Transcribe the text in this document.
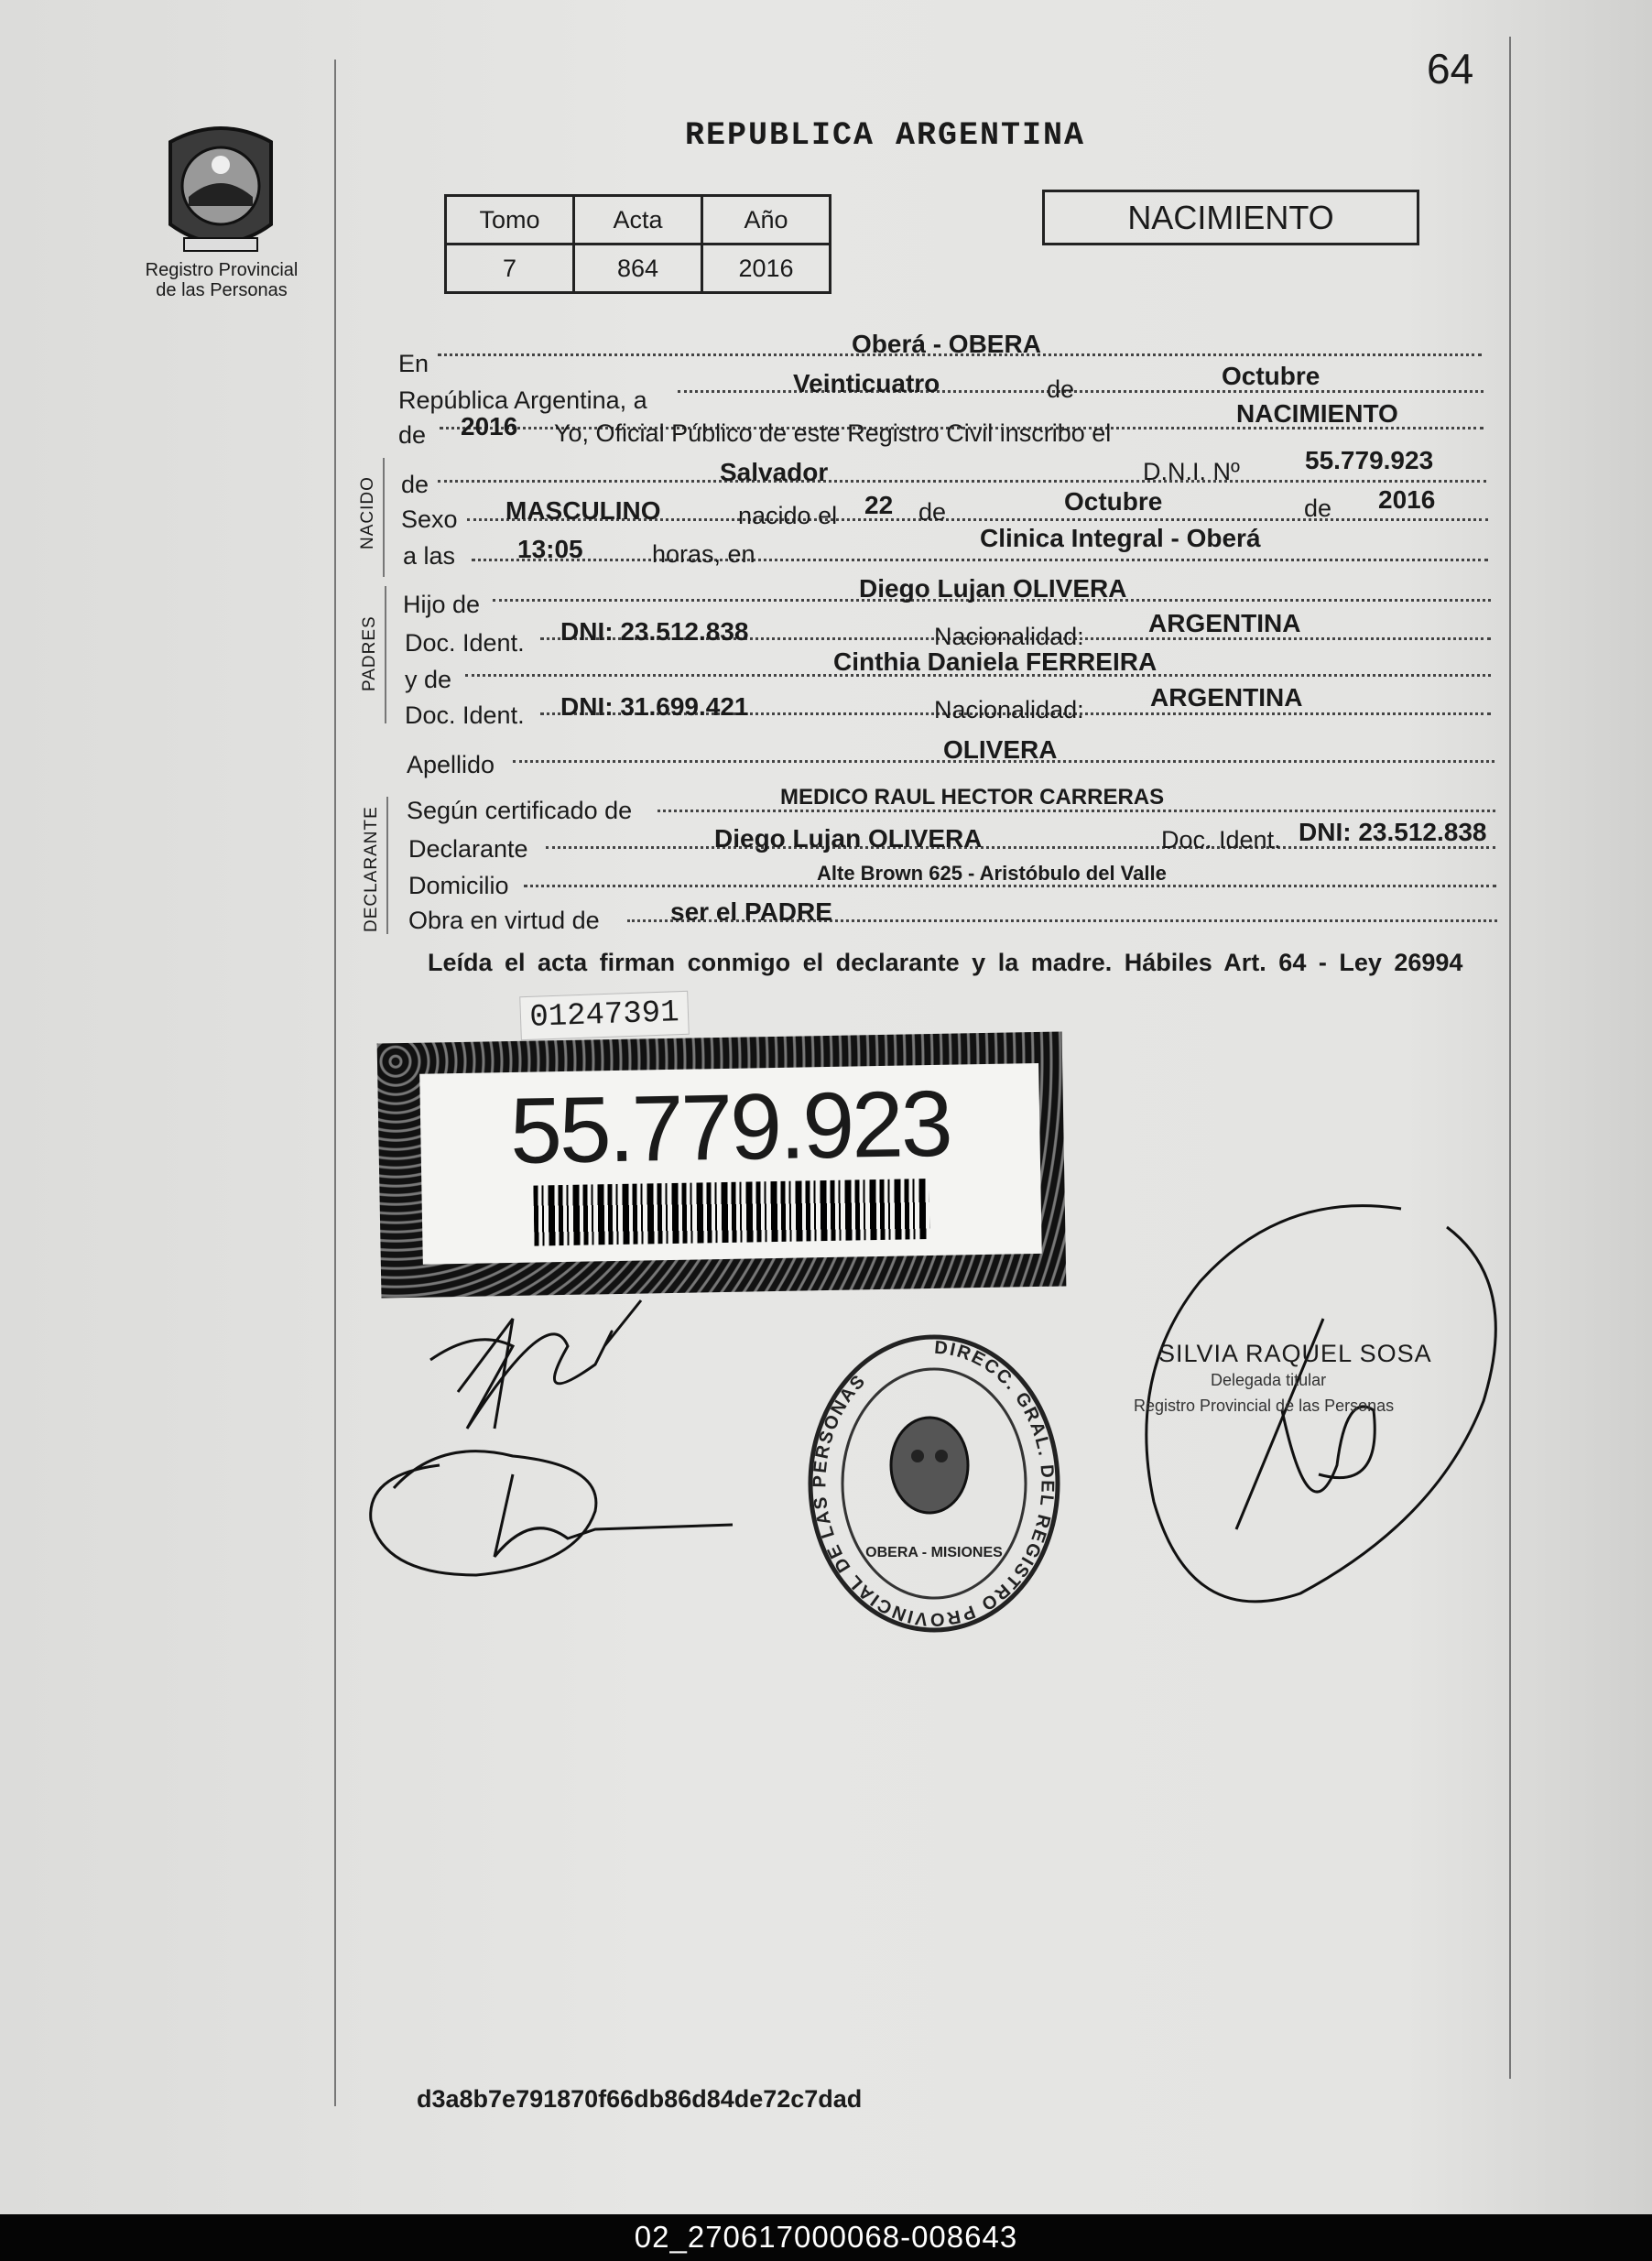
64
Registro Provincial
de las Personas
REPUBLICA ARGENTINA
Tomo	Acta	Año
7	864	2016
NACIMIENTO
En
Oberá - OBERA
República Argentina, a
Veinticuatro	de	Octubre
de 2016 Yo, Oficial Público de este Registro Civil inscribo el
NACIMIENTO
NACIDO de	Salvador	D.N.I. Nº	55.779.923
Sexo MASCULINO	nacido el 22 de	Octubre	de 2016
a las 13:05	horas, en
Clinica Integral - Oberá
PADRES
Hijo de
Diego Lujan OLIVERA
Doc. Ident. DNI: 23.512.838	Nacionalidad:	ARGENTINA
y de
Cinthia Daniela FERREIRA
Doc. Ident. DNI: 31.699.421	Nacionalidad:	ARGENTINA
Apellido
OLIVERA
DECLARANTE Según certificado de	MEDICO RAUL HECTOR CARRERAS
Declarante	Diego Lujan OLIVERA	Doc. Ident. DNI: 23.512.838
Domicilio	Alte Brown 625 - Aristóbulo del Valle
Obra en virtud de	ser el PADRE
Leída el acta firman conmigo el declarante y la madre. Hábiles Art. 64 - Ley 26994
01247391
55.779.923
DIRECC. GRAL. DEL REGISTRO PROVINCIAL DE LAS PERSONAS
OBERA - MISIONES
SILVIA RAQUEL SOSA
Delegada titular
Registro Provincial de las Personas
d3a8b7e791870f66db86d84de72c7dad
02_270617000068-008643
